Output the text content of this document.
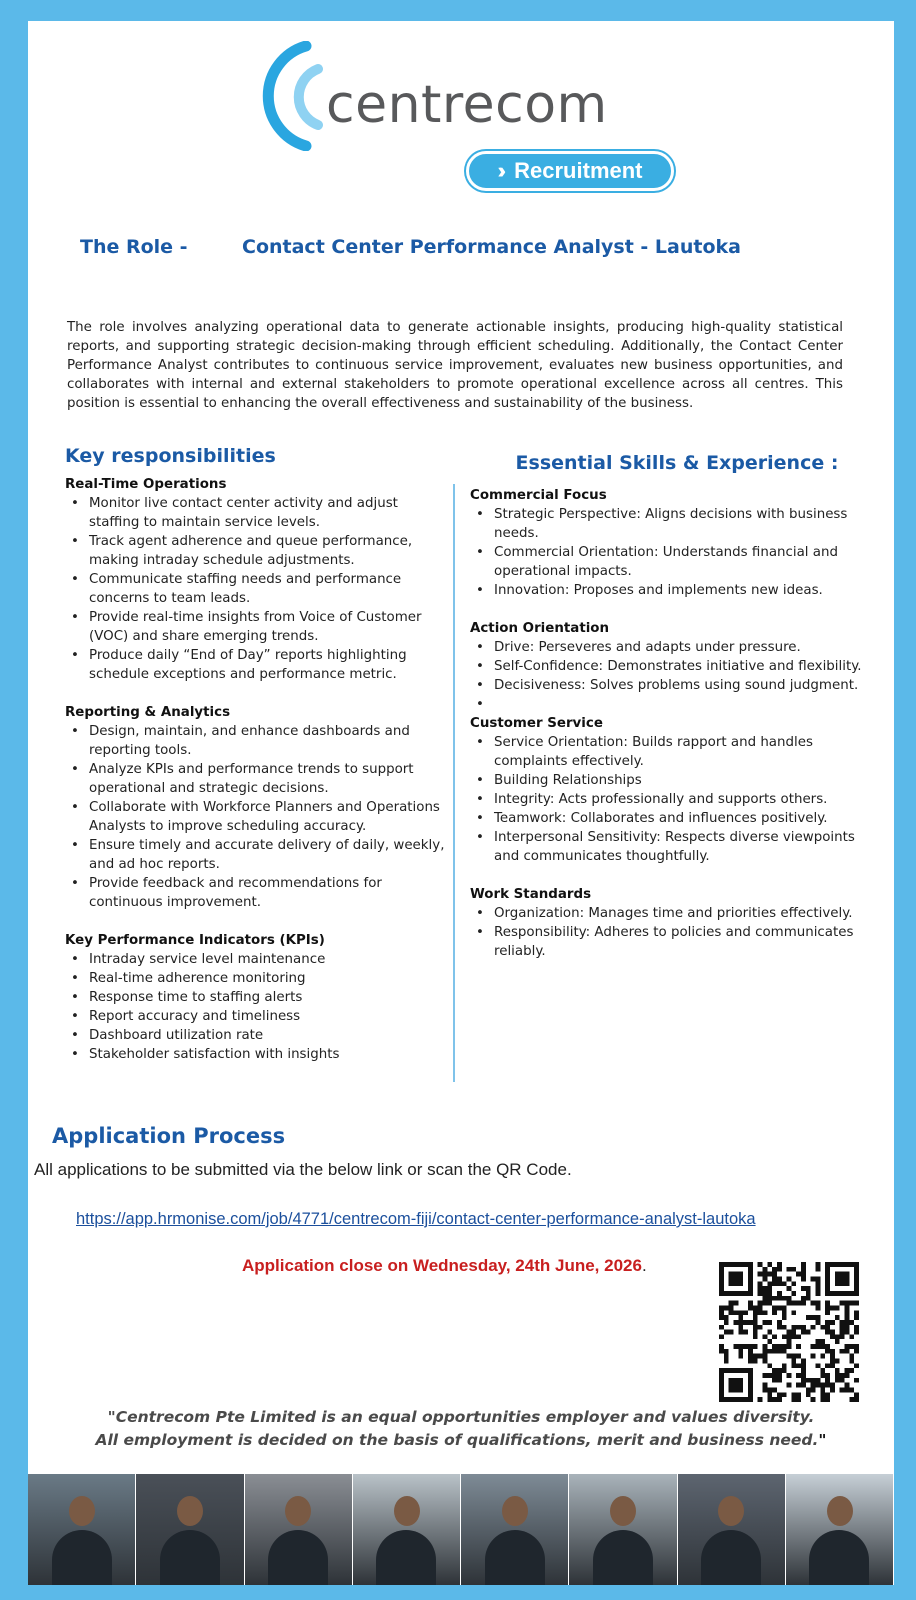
centrecom
›› Recruitment
The Role -	Contact Center Performance Analyst - Lautoka

The role involves analyzing operational data to generate actionable insights, producing high-quality statistical reports, and supporting strategic decision-making through efficient scheduling. Additionally, the Contact Center Performance Analyst contributes to continuous service improvement, evaluates new business opportunities, and collaborates with internal and external stakeholders to promote operational excellence across all centres. This position is essential to enhancing the overall effectiveness and sustainability of the business.

Key responsibilities
Real-Time Operations
• Monitor live contact center activity and adjust staffing to maintain service levels.
• Track agent adherence and queue performance, making intraday schedule adjustments.
• Communicate staffing needs and performance concerns to team leads.
• Provide real-time insights from Voice of Customer (VOC) and share emerging trends.
• Produce daily “End of Day” reports highlighting schedule exceptions and performance metric.
Reporting & Analytics
• Design, maintain, and enhance dashboards and reporting tools.
• Analyze KPIs and performance trends to support operational and strategic decisions.
• Collaborate with Workforce Planners and Operations Analysts to improve scheduling accuracy.
• Ensure timely and accurate delivery of daily, weekly, and ad hoc reports.
• Provide feedback and recommendations for continuous improvement.
Key Performance Indicators (KPIs)
• Intraday service level maintenance
• Real-time adherence monitoring
• Response time to staffing alerts
• Report accuracy and timeliness
• Dashboard utilization rate
• Stakeholder satisfaction with insights
Essential Skills & Experience :
Commercial Focus
• Strategic Perspective: Aligns decisions with business needs.
• Commercial Orientation: Understands financial and operational impacts.
• Innovation: Proposes and implements new ideas.
Action Orientation
• Drive: Perseveres and adapts under pressure.
• Self-Confidence: Demonstrates initiative and flexibility.
• Decisiveness: Solves problems using sound judgment.
•
Customer Service
• Service Orientation: Builds rapport and handles complaints effectively.
• Building Relationships
• Integrity: Acts professionally and supports others.
• Teamwork: Collaborates and influences positively.
• Interpersonal Sensitivity: Respects diverse viewpoints and communicates thoughtfully.
Work Standards
• Organization: Manages time and priorities effectively.
• Responsibility: Adheres to policies and communicates reliably.
Application Process
All applications to be submitted via the below link or scan the QR Code.
https://app.hrmonise.com/job/4771/centrecom-fiji/contact-center-performance-analyst-lautoka
Application close on Wednesday, 24th June, 2026.
"Centrecom Pte Limited is an equal opportunities employer and values diversity.
All employment is decided on the basis of qualifications, merit and business need."
